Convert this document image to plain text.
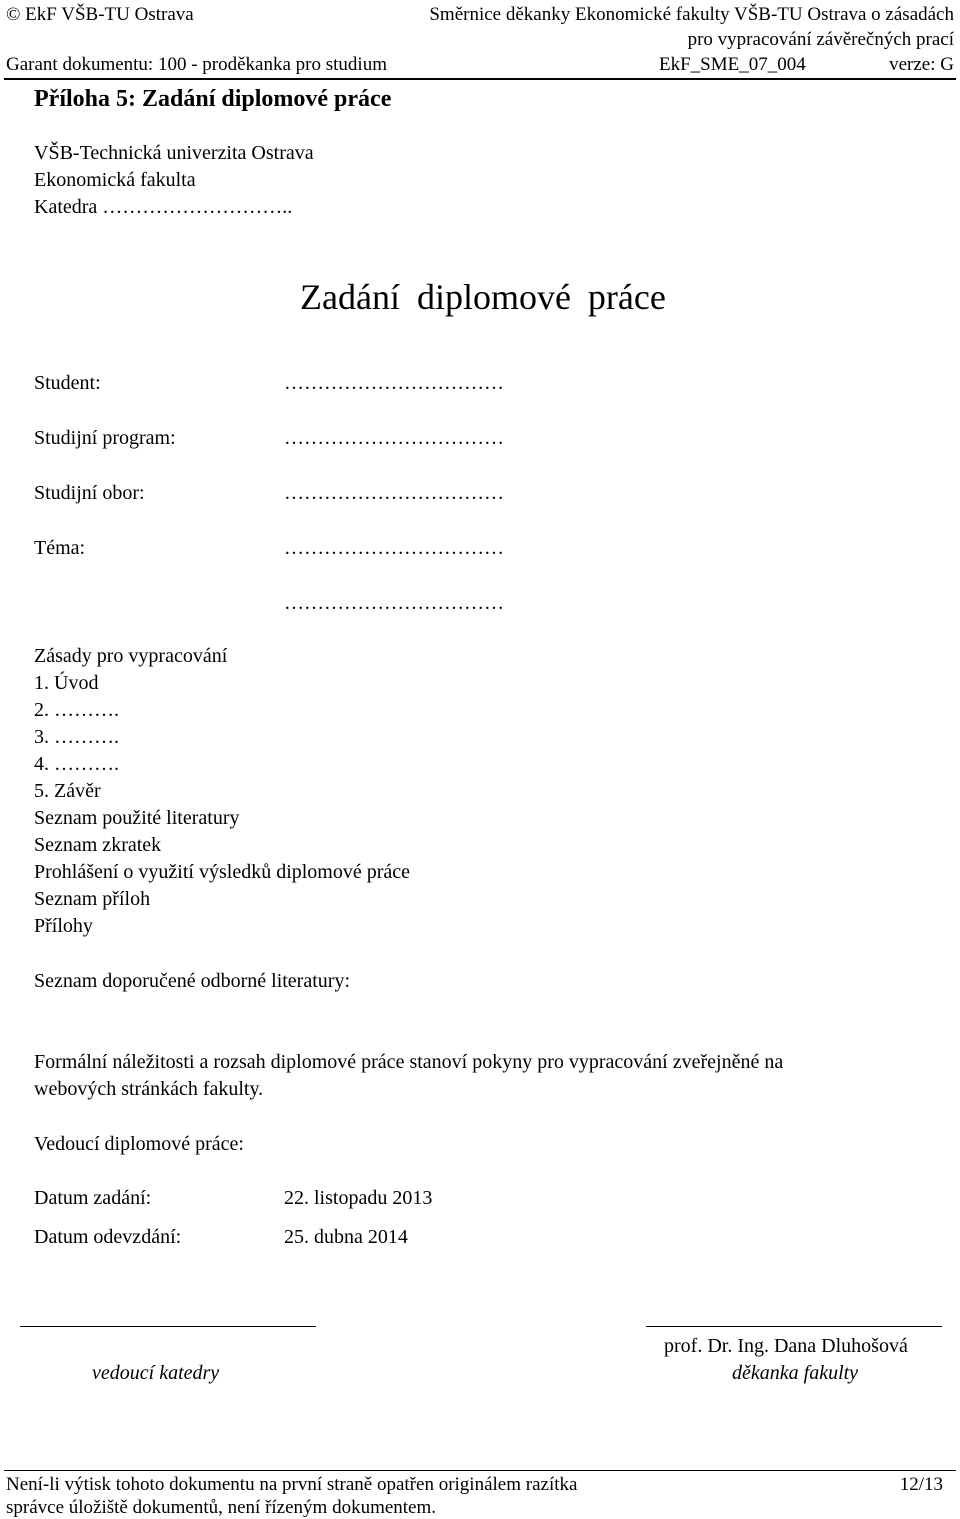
© EkF VŠB-TU Ostrava	Směrnice děkanky Ekonomické fakulty VŠB-TU Ostrava o zásadách
pro vypracování závěrečných prací
Garant dokumentu: 100 - proděkanka pro studium	EkF_SME_07_004	verze: G
Příloha 5: Zadání diplomové práce
VŠB-Technická univerzita Ostrava
Ekonomická fakulta
Katedra ………………………..
Zadání diplomové práce
Student:	……………………………
Studijní program:	……………………………
Studijní obor:	……………………………
Téma:	……………………………
……………………………
Zásady pro vypracování
1. Úvod
2. ……….
3. ……….
4. ……….
5. Závěr
Seznam použité literatury
Seznam zkratek
Prohlášení o využití výsledků diplomové práce
Seznam příloh
Přílohy
Seznam doporučené odborné literatury:
Formální náležitosti a rozsah diplomové práce stanoví pokyny pro vypracování zveřejněné na
webových stránkách fakulty.
Vedoucí diplomové práce:
Datum zadání:	22. listopadu 2013
Datum odevzdání:	25. dubna 2014
prof. Dr. Ing. Dana Dluhošová
vedoucí katedry	děkanka fakulty
Není-li výtisk tohoto dokumentu na první straně opatřen originálem razítka	12/13
správce úložiště dokumentů, není řízeným dokumentem.
